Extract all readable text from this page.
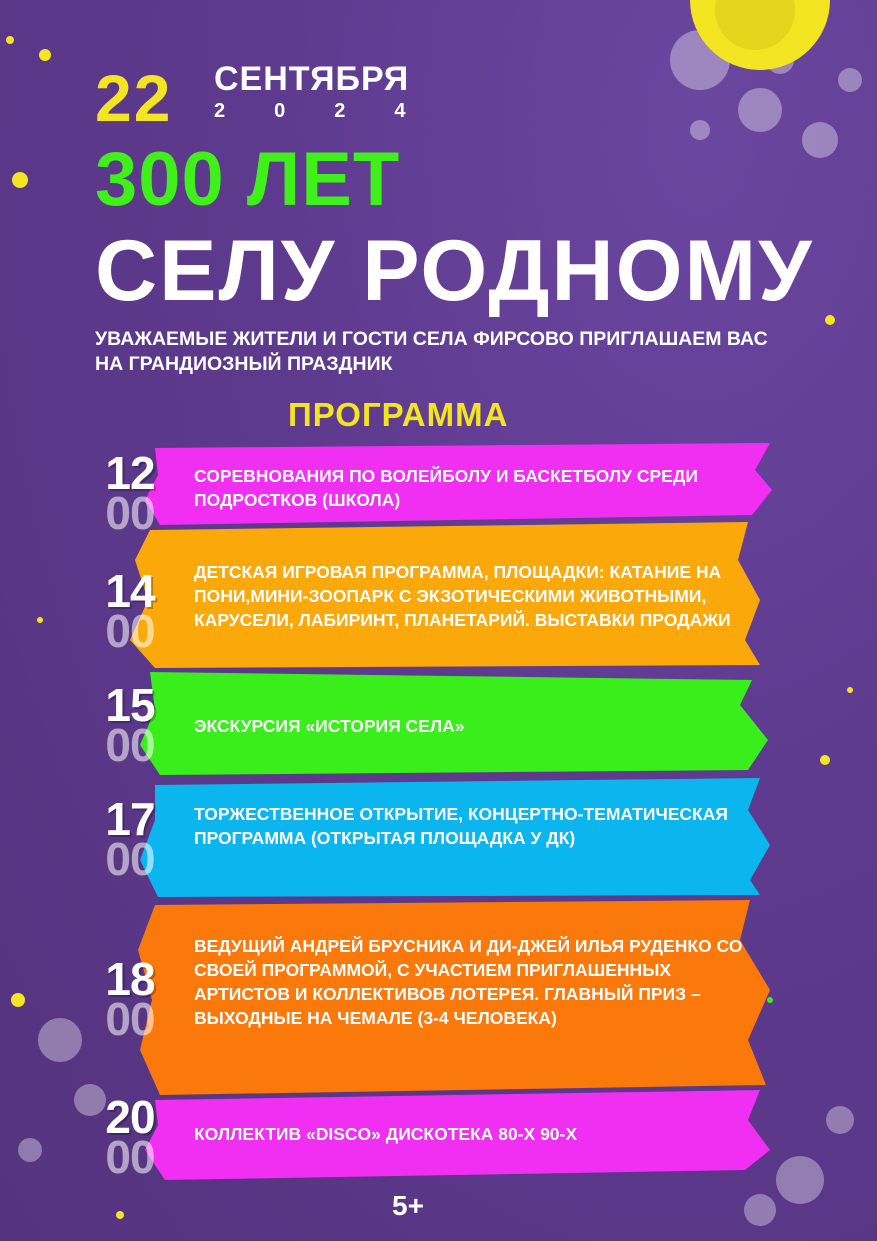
22 СЕНТЯБРЯ
2024
300 ЛЕТ
СЕЛУ РОДНОМУ
УВАЖАЕМЫЕ ЖИТЕЛИ И ГОСТИ СЕЛА ФИРСОВО ПРИГЛАШАЕМ ВАС НА ГРАНДИОЗНЫЙ ПРАЗДНИК
ПРОГРАММА
12
00
СОРЕВНОВАНИЯ ПО ВОЛЕЙБОЛУ И БАСКЕТБОЛУ СРЕДИ ПОДРОСТКОВ (ШКОЛА)
14
00
ДЕТСКАЯ ИГРОВАЯ ПРОГРАММА, ПЛОЩАДКИ: КАТАНИЕ НА ПОНИ,МИНИ-ЗООПАРК С ЭКЗОТИЧЕСКИМИ ЖИВОТНЫМИ, КАРУСЕЛИ, ЛАБИРИНТ, ПЛАНЕТАРИЙ. ВЫСТАВКИ ПРОДАЖИ
15
00	ЭКСКУРСИЯ «ИСТОРИЯ СЕЛА»
17
00
ТОРЖЕСТВЕННОЕ ОТКРЫТИЕ, КОНЦЕРТНО-ТЕМАТИЧЕСКАЯ ПРОГРАММА (ОТКРЫТАЯ ПЛОЩАДКА У ДК)
18
00
ВЕДУЩИЙ АНДРЕЙ БРУСНИКА И ДИ-ДЖЕЙ ИЛЬЯ РУДЕНКО СО СВОЕЙ ПРОГРАММОЙ, С УЧАСТИЕМ ПРИГЛАШЕННЫХ АРТИСТОВ И КОЛЛЕКТИВОВ ЛОТЕРЕЯ. ГЛАВНЫЙ ПРИЗ – ВЫХОДНЫЕ НА ЧЕМАЛЕ (3-4 ЧЕЛОВЕКА)
20
00	КОЛЛЕКТИВ «DISCO» ДИСКОТЕКА 80-Х 90-Х
5+
